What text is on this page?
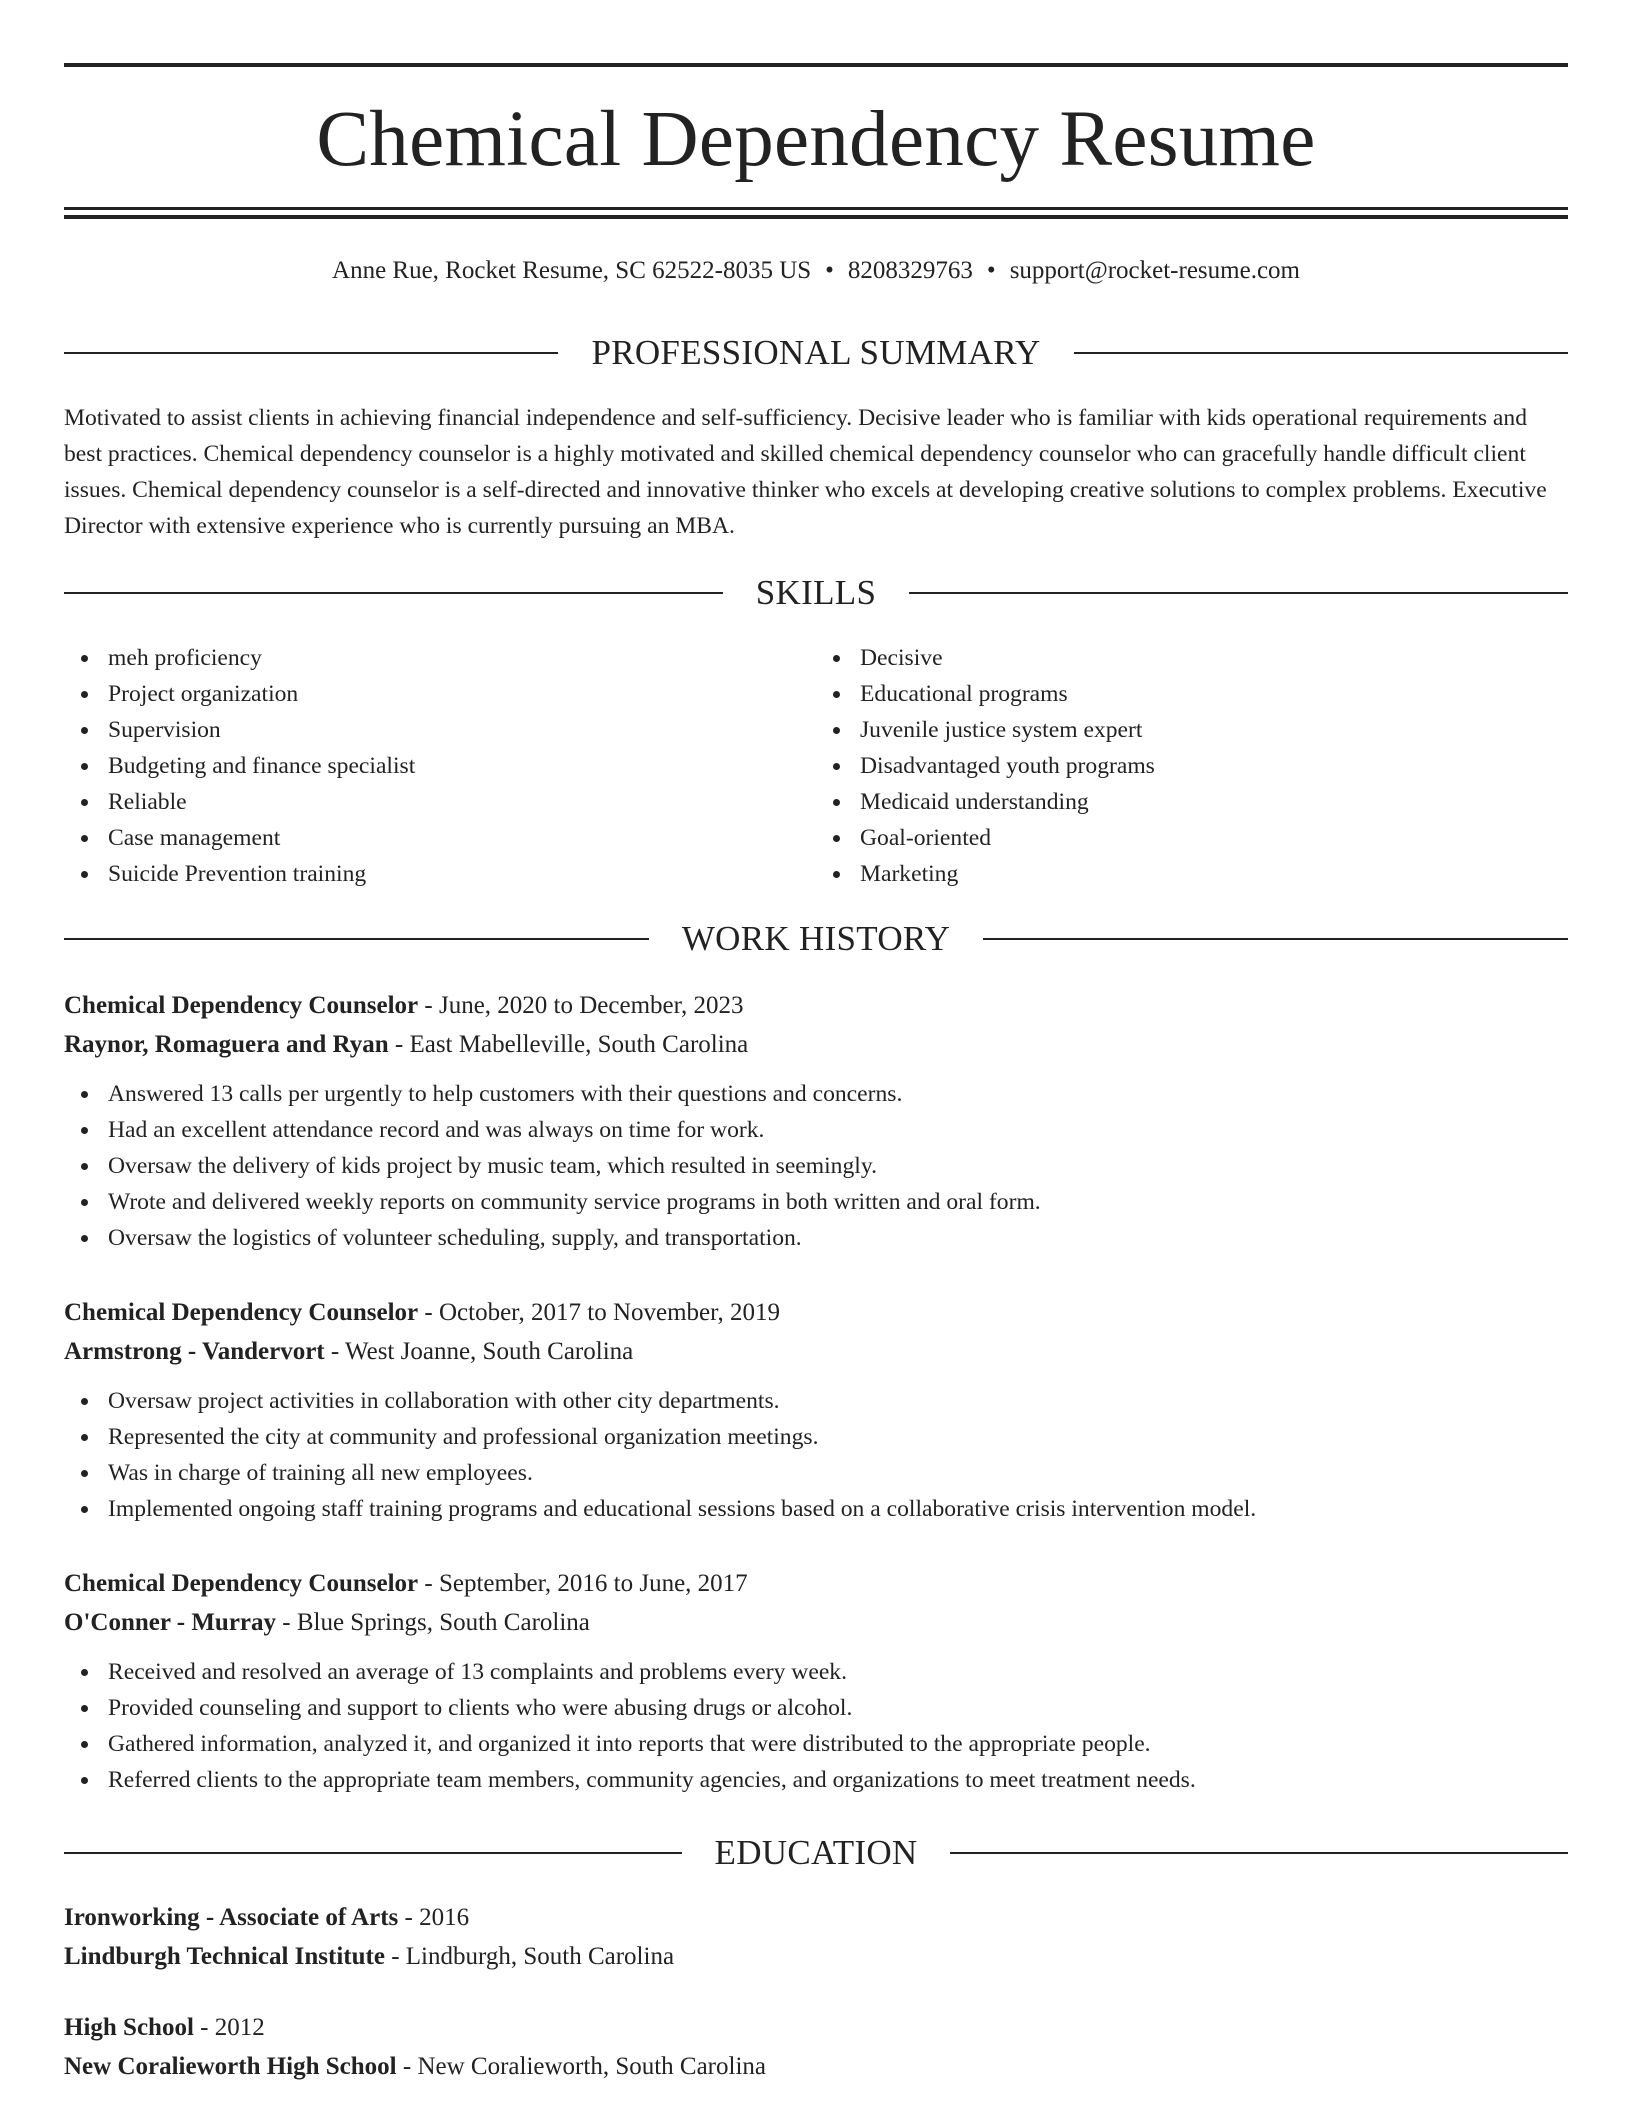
Chemical Dependency Resume
Anne Rue, Rocket Resume, SC 62522-8035 US • 8208329763 • support@rocket-resume.com
PROFESSIONAL SUMMARY

Motivated to assist clients in achieving financial independence and self-sufficiency. Decisive leader who is familiar with kids operational requirements and best practices. Chemical dependency counselor is a highly motivated and skilled chemical dependency counselor who can gracefully handle difficult client issues. Chemical dependency counselor is a self-directed and innovative thinker who excels at developing creative solutions to complex problems. Executive Director with extensive experience who is currently pursuing an MBA.

SKILLS
meh proficiency
Project organization
Supervision
Budgeting and finance specialist
Reliable
Case management
Suicide Prevention training
Decisive
Educational programs
Juvenile justice system expert
Disadvantaged youth programs
Medicaid understanding
Goal-oriented
Marketing
WORK HISTORY
Chemical Dependency Counselor - June, 2020 to December, 2023
Raynor, Romaguera and Ryan - East Mabelleville, South Carolina
Answered 13 calls per urgently to help customers with their questions and concerns.
Had an excellent attendance record and was always on time for work.
Oversaw the delivery of kids project by music team, which resulted in seemingly.
Wrote and delivered weekly reports on community service programs in both written and oral form.
Oversaw the logistics of volunteer scheduling, supply, and transportation.
Chemical Dependency Counselor - October, 2017 to November, 2019
Armstrong - Vandervort - West Joanne, South Carolina
Oversaw project activities in collaboration with other city departments.
Represented the city at community and professional organization meetings.
Was in charge of training all new employees.
Implemented ongoing staff training programs and educational sessions based on a collaborative crisis intervention model.
Chemical Dependency Counselor - September, 2016 to June, 2017
O'Conner - Murray - Blue Springs, South Carolina
Received and resolved an average of 13 complaints and problems every week.
Provided counseling and support to clients who were abusing drugs or alcohol.
Gathered information, analyzed it, and organized it into reports that were distributed to the appropriate people.
Referred clients to the appropriate team members, community agencies, and organizations to meet treatment needs.
EDUCATION
Ironworking - Associate of Arts - 2016
Lindburgh Technical Institute - Lindburgh, South Carolina
High School - 2012
New Coralieworth High School - New Coralieworth, South Carolina
